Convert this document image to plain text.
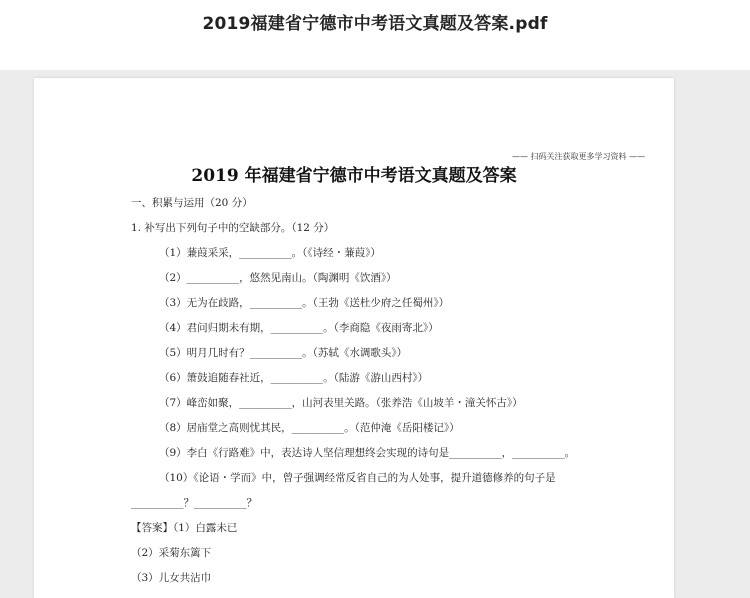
2019福建省宁德市中考语文真题及答案.pdf
—— 扫码关注获取更多学习资料 ——
2019 年福建省宁德市中考语文真题及答案
一、积累与运用（20 分）
1. 补写出下列句子中的空缺部分。（12 分）
（1）蒹葭采采，__________。（《诗经・蒹葭》）
（2）__________，悠然见南山。（陶渊明《饮酒》）
（3）无为在歧路，__________。（王勃《送杜少府之任蜀州》）
（4）君问归期未有期，__________。（李商隐《夜雨寄北》）
（5）明月几时有？__________。（苏轼《水调歌头》）
（6）箫鼓追随春社近，__________。（陆游《游山西村》）
（7）峰峦如聚，__________，山河表里关路。（张养浩《山坡羊・潼关怀古》）
（8）居庙堂之高则忧其民，__________。（范仲淹《岳阳楼记》）
（9）李白《行路难》中，表达诗人坚信理想终会实现的诗句是__________，__________。
（10）《论语・学而》中，曾子强调经常反省自己的为人处事，提升道德修养的句子是
__________？__________？
【答案】（1）白露未已
（2）采菊东篱下
（3）儿女共沾巾
